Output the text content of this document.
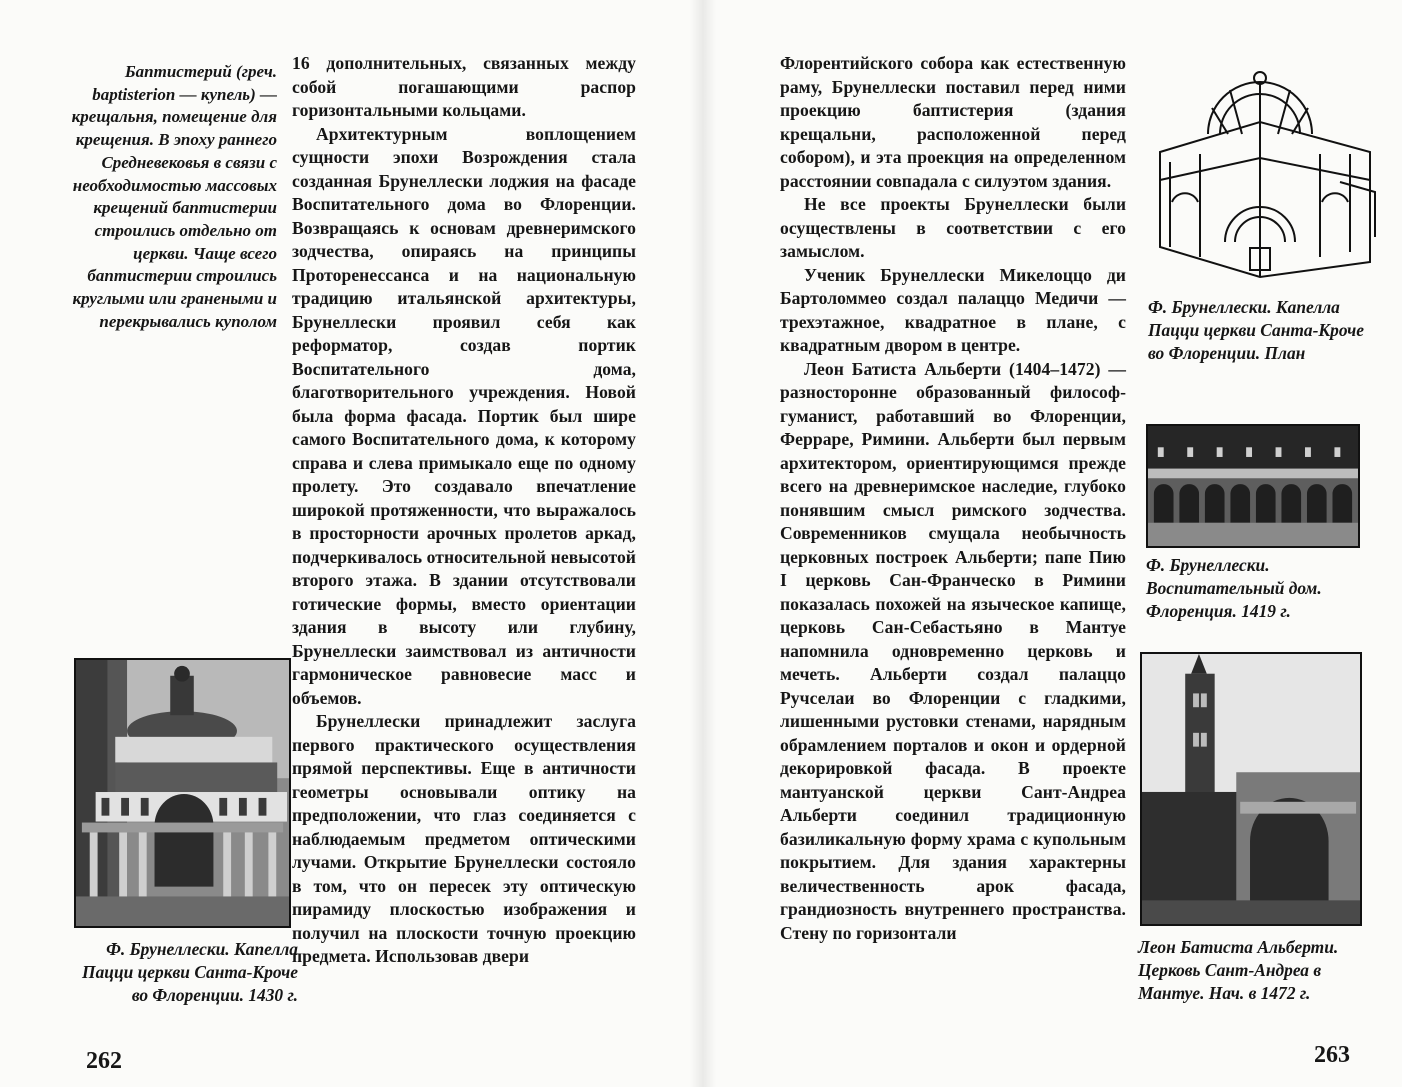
Баптистерий (греч. baptisterion — купель) — крещальня, помещение для крещения. В эпоху раннего Средневековья в связи с необходимостью массовых крещений баптистерии строились отдельно от церкви. Чаще всего баптистерии строились круглыми или гранеными и перекрывались куполом

16 дополнительных, связанных между собой погашающими распор горизонтальными кольцами.

Архитектурным воплощением сущности эпохи Возрождения стала созданная Брунеллески лоджия на фасаде Воспитательного дома во Флоренции. Возвращаясь к основам древнеримского зодчества, опираясь на принципы Проторенессанса и на национальную традицию итальянской архитектуры, Брунеллески проявил себя как реформатор, создав портик Воспитательного дома, благотворительного учреждения. Новой была форма фасада. Портик был шире самого Воспитательного дома, к которому справа и слева примыкало еще по одному пролету. Это создавало впечатление широкой протяженности, что выражалось в просторности арочных пролетов аркад, подчеркивалось относительной невысотой второго этажа. В здании отсутствовали готические формы, вместо ориентации здания в высоту или глубину, Брунеллески заимствовал из античности гармоническое равновесие масс и объемов.

Брунеллески принадлежит заслуга первого практического осуществления прямой перспективы. Еще в античности геометры основывали оптику на предположении, что глаз соединяется с наблюдаемым предметом оптическими лучами. Открытие Брунеллески состояло в том, что он пересек эту оптическую пирамиду плоскостью изображения и получил на плоскости точную проекцию предмета. Использовав двери

Ф. Брунеллески. Капелла Пацци церкви Санта-Кроче во Флоренции. 1430 г.

262

Флорентийского собора как естественную раму, Брунеллески поставил перед ними проекцию баптистерия (здания крещальни, расположенной перед собором), и эта проекция на определенном расстоянии совпадала с силуэтом здания.

Не все проекты Брунеллески были осуществлены в соответствии с его замыслом.

Ученик Брунеллески Микелоццо ди Бартоломмео создал палаццо Медичи — трехэтажное, квадратное в плане, с квадратным двором в центре.

Леон Батиста Альберти (1404–1472) — разносторонне образованный философ-гуманист, работавший во Флоренции, Ферраре, Римини. Альберти был первым архитектором, ориентирующимся прежде всего на древнеримское наследие, глубоко понявшим смысл римского зодчества. Современников смущала необычность церковных построек Альберти; папе Пию I церковь Сан-Франческо в Римини показалась похожей на языческое капище, церковь Сан-Себастьяно в Мантуе напомнила одновременно церковь и мечеть. Альберти создал палаццо Ручселаи во Флоренции с гладкими, лишенными рустовки стенами, нарядным обрамлением порталов и окон и ордерной декорировкой фасада. В проекте мантуанской церкви Сант-Андреа Альберти соединил традиционную базиликальную форму храма с купольным покрытием. Для здания характерны величественность арок фасада, грандиозность внутреннего пространства. Стену по горизонтали

Ф. Брунеллески. Капелла Пацци церкви Санта-Кроче во Флоренции. План

Ф. Брунеллески. Воспитательный дом. Флоренция. 1419 г.

Леон Батиста Альберти. Церковь Сант-Андреа в Мантуе. Нач. в 1472 г.

263
